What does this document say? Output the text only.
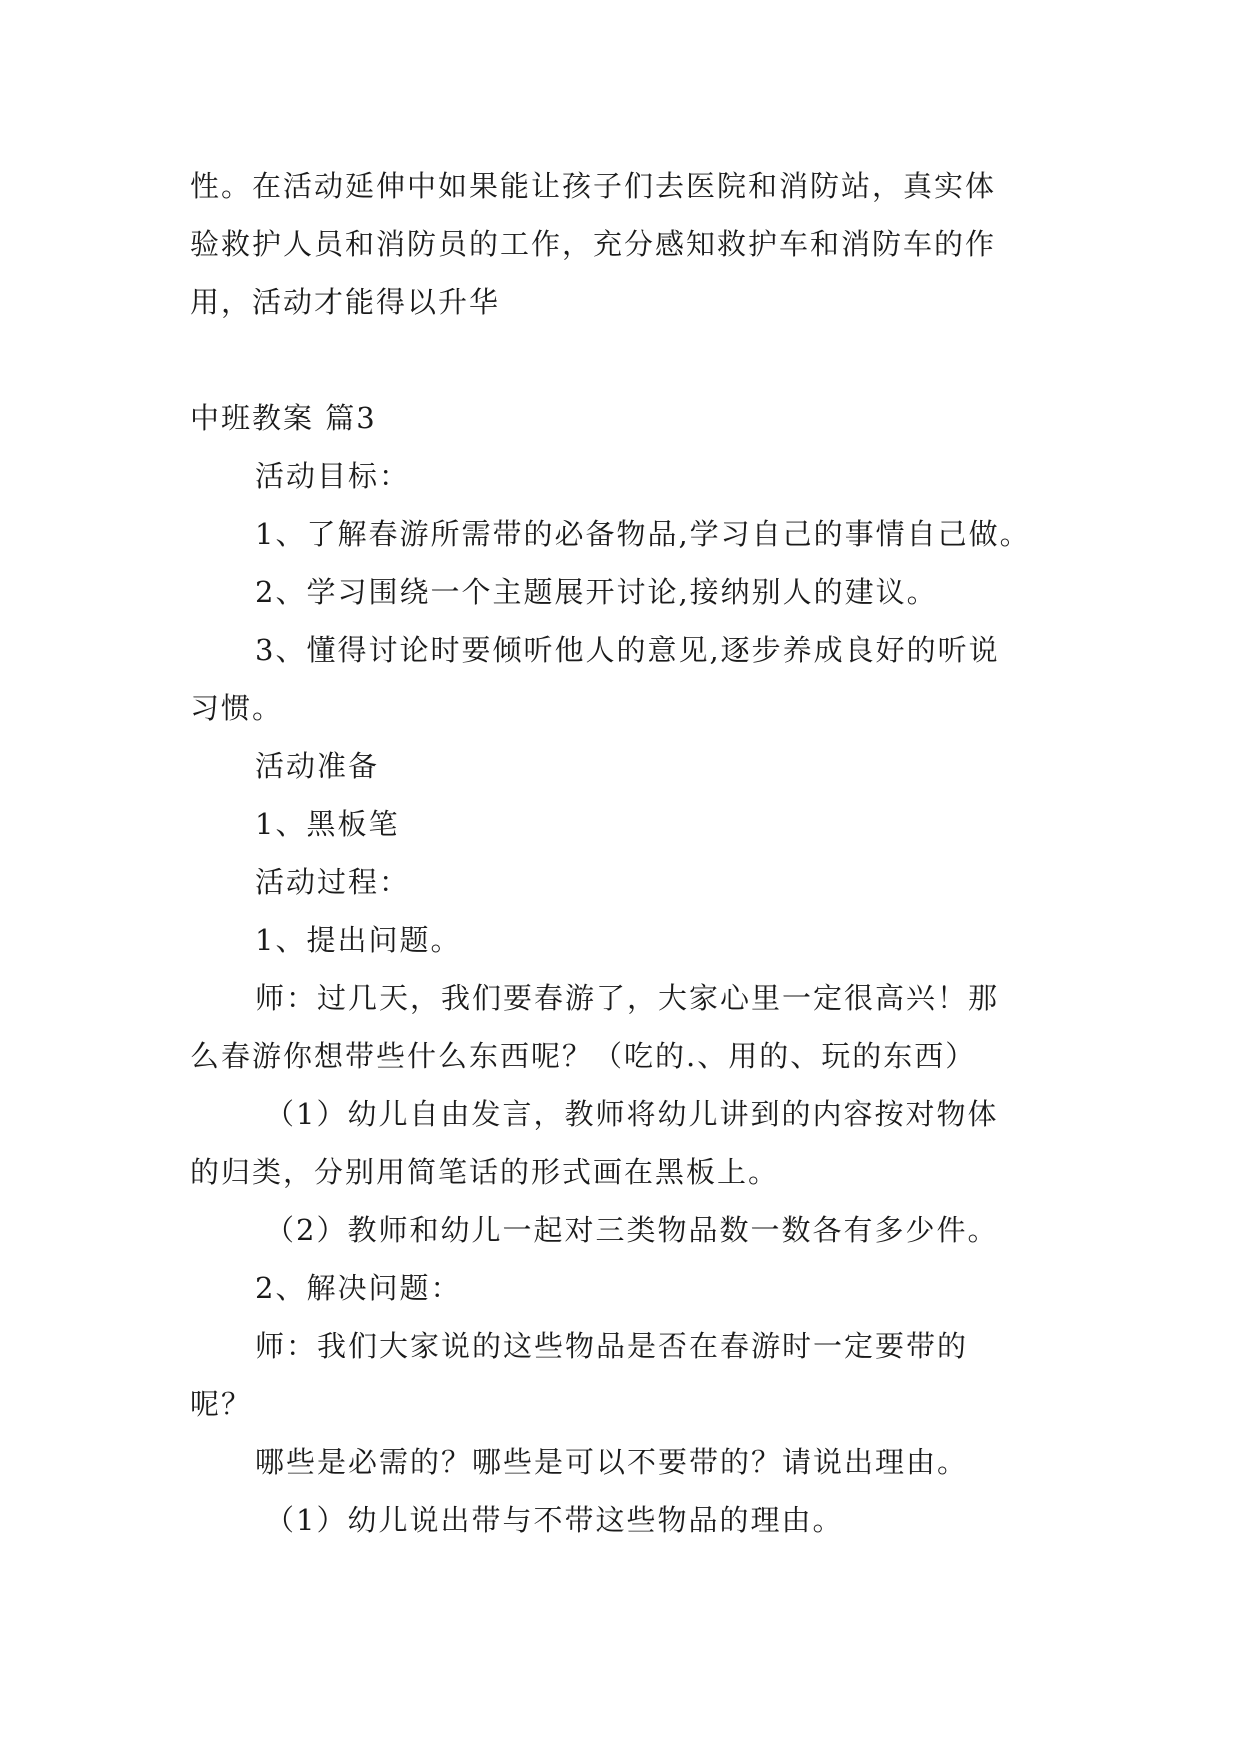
性。在活动延伸中如果能让孩子们去医院和消防站，真实体
验救护人员和消防员的工作，充分感知救护车和消防车的作
用，活动才能得以升华
中班教案 篇3
活动目标：
1、了解春游所需带的必备物品,学习自己的事情自己做。
2、学习围绕一个主题展开讨论,接纳别人的建议。
3、懂得讨论时要倾听他人的意见,逐步养成良好的听说
习惯。
活动准备
1、黑板笔
活动过程：
1、提出问题。
师：过几天，我们要春游了，大家心里一定很高兴！那
么春游你想带些什么东西呢？（吃的.、用的、玩的东西）
（1）幼儿自由发言，教师将幼儿讲到的内容按对物体
的归类，分别用简笔话的形式画在黑板上。
（2）教师和幼儿一起对三类物品数一数各有多少件。
2、解决问题：
师：我们大家说的这些物品是否在春游时一定要带的
呢？
哪些是必需的？哪些是可以不要带的？请说出理由。
（1）幼儿说出带与不带这些物品的理由。
